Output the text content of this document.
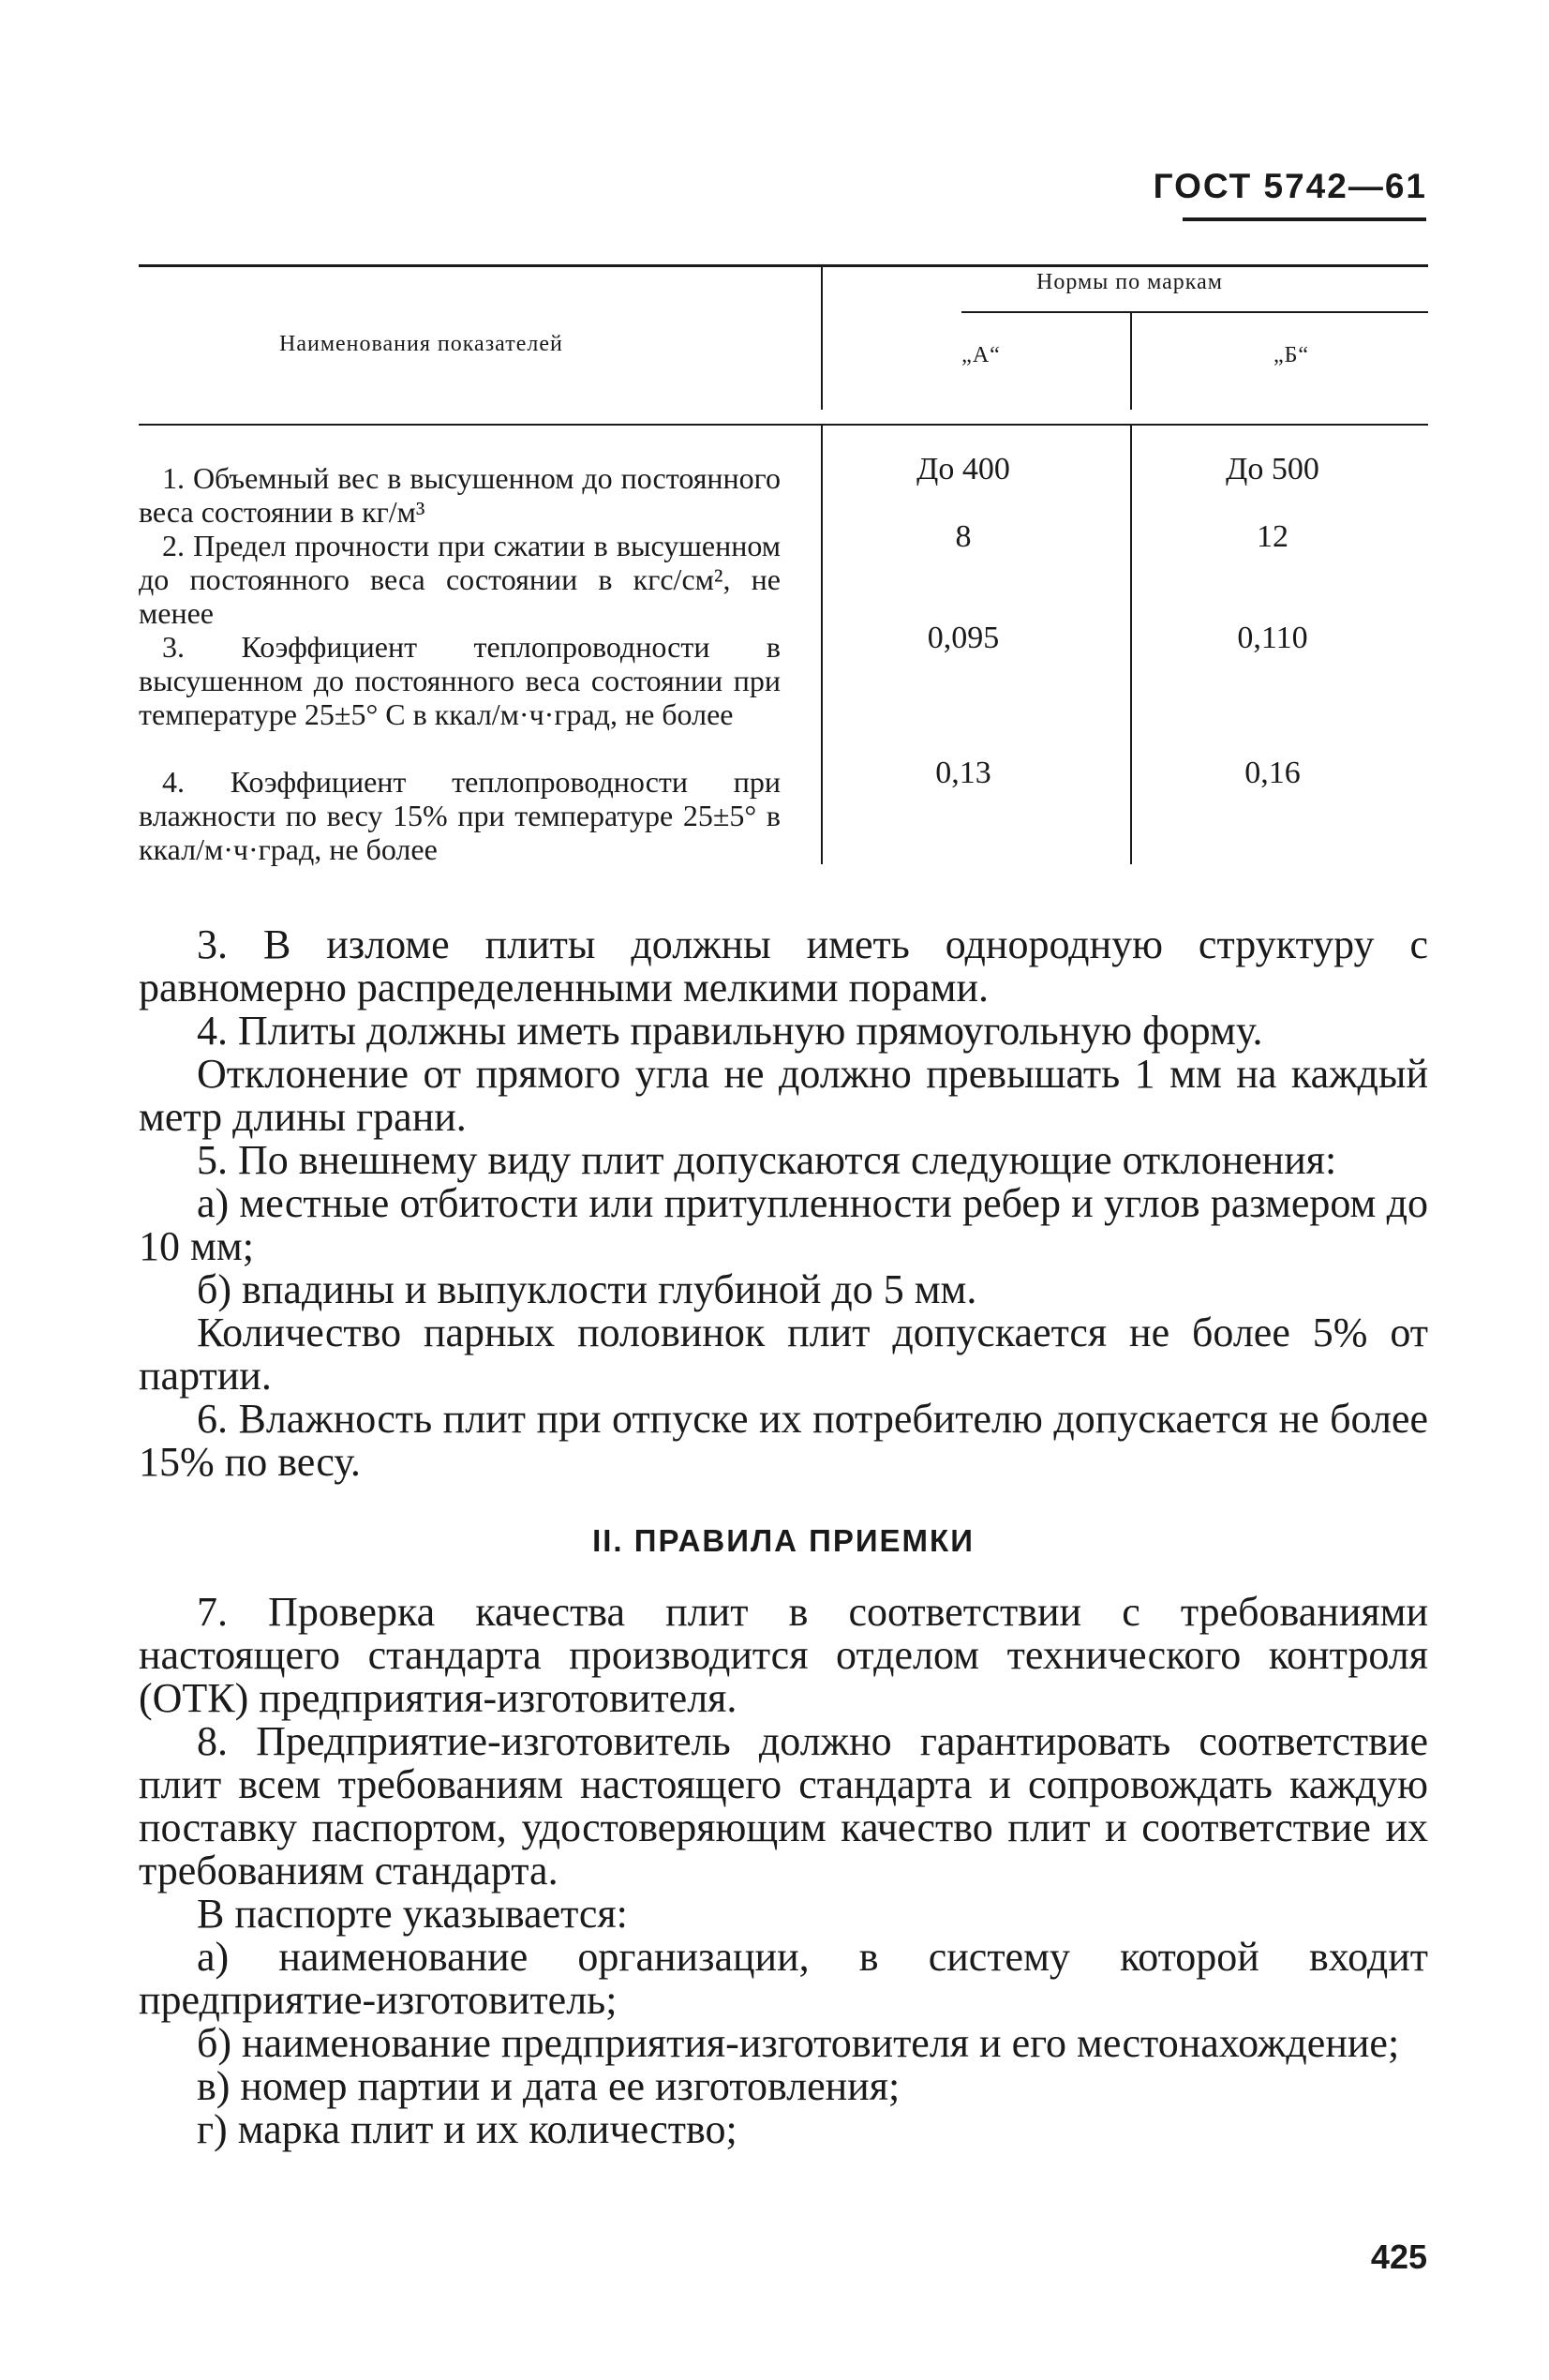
ГОСТ 5742—61
Наименования показателей
Нормы по маркам
„А“	„Б“
1. Объемный вес в высушенном до постоянного веса состоянии в кг/м³
До 400	До 500
2. Предел прочности при сжатии в высушенном до постоянного веса состоянии в кгс/см², не менее
8	12
3. Коэффициент теплопроводности в высушенном до постоянного веса состоянии при температуре 25±5° С в ккал/м·ч·град, не более
0,095	0,110
4. Коэффициент теплопроводности при влажности по весу 15% при температуре 25±5° в ккал/м·ч·град, не более
0,13	0,16

3. В изломе плиты должны иметь однородную структуру с равномерно распределенными мелкими порами.

4. Плиты должны иметь правильную прямоугольную форму.

Отклонение от прямого угла не должно превышать 1 мм на каждый метр длины грани.

5. По внешнему виду плит допускаются следующие отклонения:

а) местные отбитости или притупленности ребер и углов размером до 10 мм;

б) впадины и выпуклости глубиной до 5 мм.

Количество парных половинок плит допускается не более 5% от партии.

6. Влажность плит при отпуске их потребителю допускается не более 15% по весу.

II. ПРАВИЛА ПРИЕМКИ

7. Проверка качества плит в соответствии с требованиями настоящего стандарта производится отделом технического контроля (ОТК) предприятия-изготовителя.

8. Предприятие-изготовитель должно гарантировать соответствие плит всем требованиям настоящего стандарта и сопровождать каждую поставку паспортом, удостоверяющим качество плит и соответствие их требованиям стандарта.

В паспорте указывается:

а) наименование организации, в систему которой входит предприятие-изготовитель;

б) наименование предприятия-изготовителя и его местонахождение;

в) номер партии и дата ее изготовления;

г) марка плит и их количество;

425
